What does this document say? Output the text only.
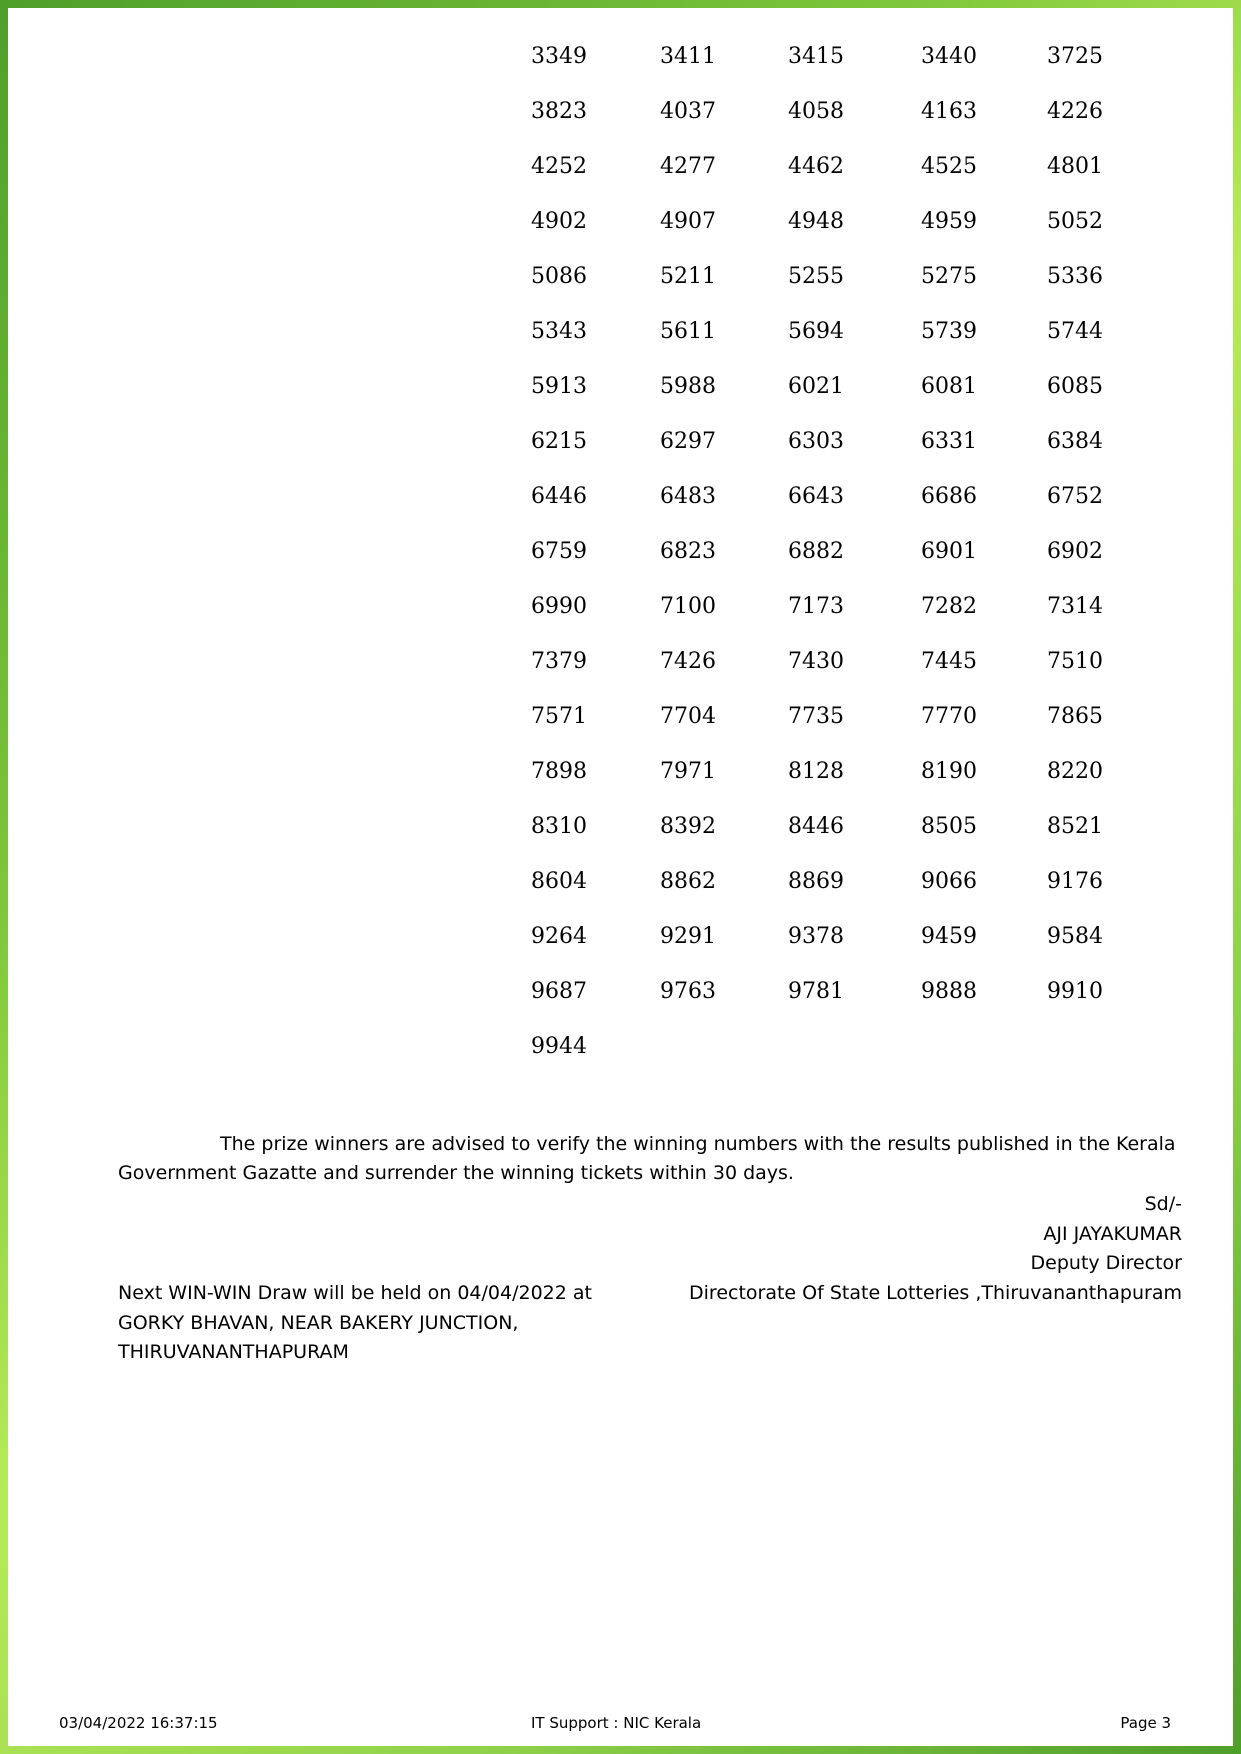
3349	3411	3415	3440	3725
3823	4037	4058	4163	4226
4252	4277	4462	4525	4801
4902	4907	4948	4959	5052
5086	5211	5255	5275	5336
5343	5611	5694	5739	5744
5913	5988	6021	6081	6085
6215	6297	6303	6331	6384
6446	6483	6643	6686	6752
6759	6823	6882	6901	6902
6990	7100	7173	7282	7314
7379	7426	7430	7445	7510
7571	7704	7735	7770	7865
7898	7971	8128	8190	8220
8310	8392	8446	8505	8521
8604	8862	8869	9066	9176
9264	9291	9378	9459	9584
9687	9763	9781	9888	9910
9944
The prize winners are advised to verify the winning numbers with the results published in the Kerala Government Gazatte and surrender the winning tickets within 30 days.
Sd/-
AJI JAYAKUMAR
Deputy Director
Directorate Of State Lotteries ,Thiruvananthapuram
Next WIN-WIN Draw will be held on 04/04/2022 at
GORKY BHAVAN, NEAR BAKERY JUNCTION,
THIRUVANANTHAPURAM
03/04/2022 16:37:15	IT Support : NIC Kerala	Page 3
